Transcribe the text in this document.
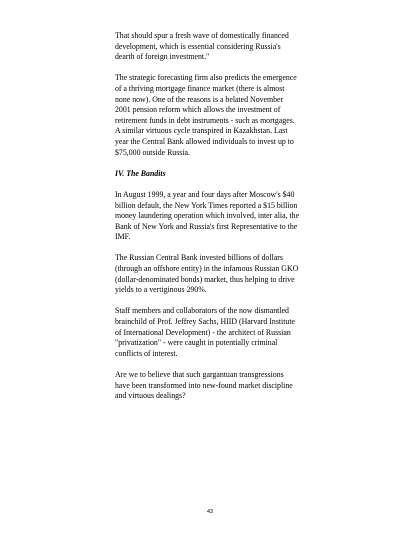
That should spur a fresh wave of domestically financed
development, which is essential considering Russia's
dearth of foreign investment."

The strategic forecasting firm also predicts the emergence
of a thriving mortgage finance market (there is almost
none now). One of the reasons is a belated November
2001 pension reform which allows the investment of
retirement funds in debt instruments - such as mortgages.
A similar virtuous cycle transpired in Kazakhstan. Last
year the Central Bank allowed individuals to invest up to
$75,000 outside Russia.

IV. The Bandits

In August 1999, a year and four days after Moscow's $40
billion default, the New York Times reported a $15 billion
money laundering operation which involved, inter alia, the
Bank of New York and Russia's first Representative to the
IMF.

The Russian Central Bank invested billions of dollars
(through an offshore entity) in the infamous Russian GKO
(dollar-denominated bonds) market, thus helping to drive
yields to a vertiginous 290%.

Staff members and collaborators of the now dismantled
brainchild of Prof. Jeffrey Sachs, HIID (Harvard Institute
of International Development) - the architect of Russian
"privatization" - were caught in potentially criminal
conflicts of interest.

Are we to believe that such gargantuan transgressions
have been transformed into new-found market discipline
and virtuous dealings?

43
